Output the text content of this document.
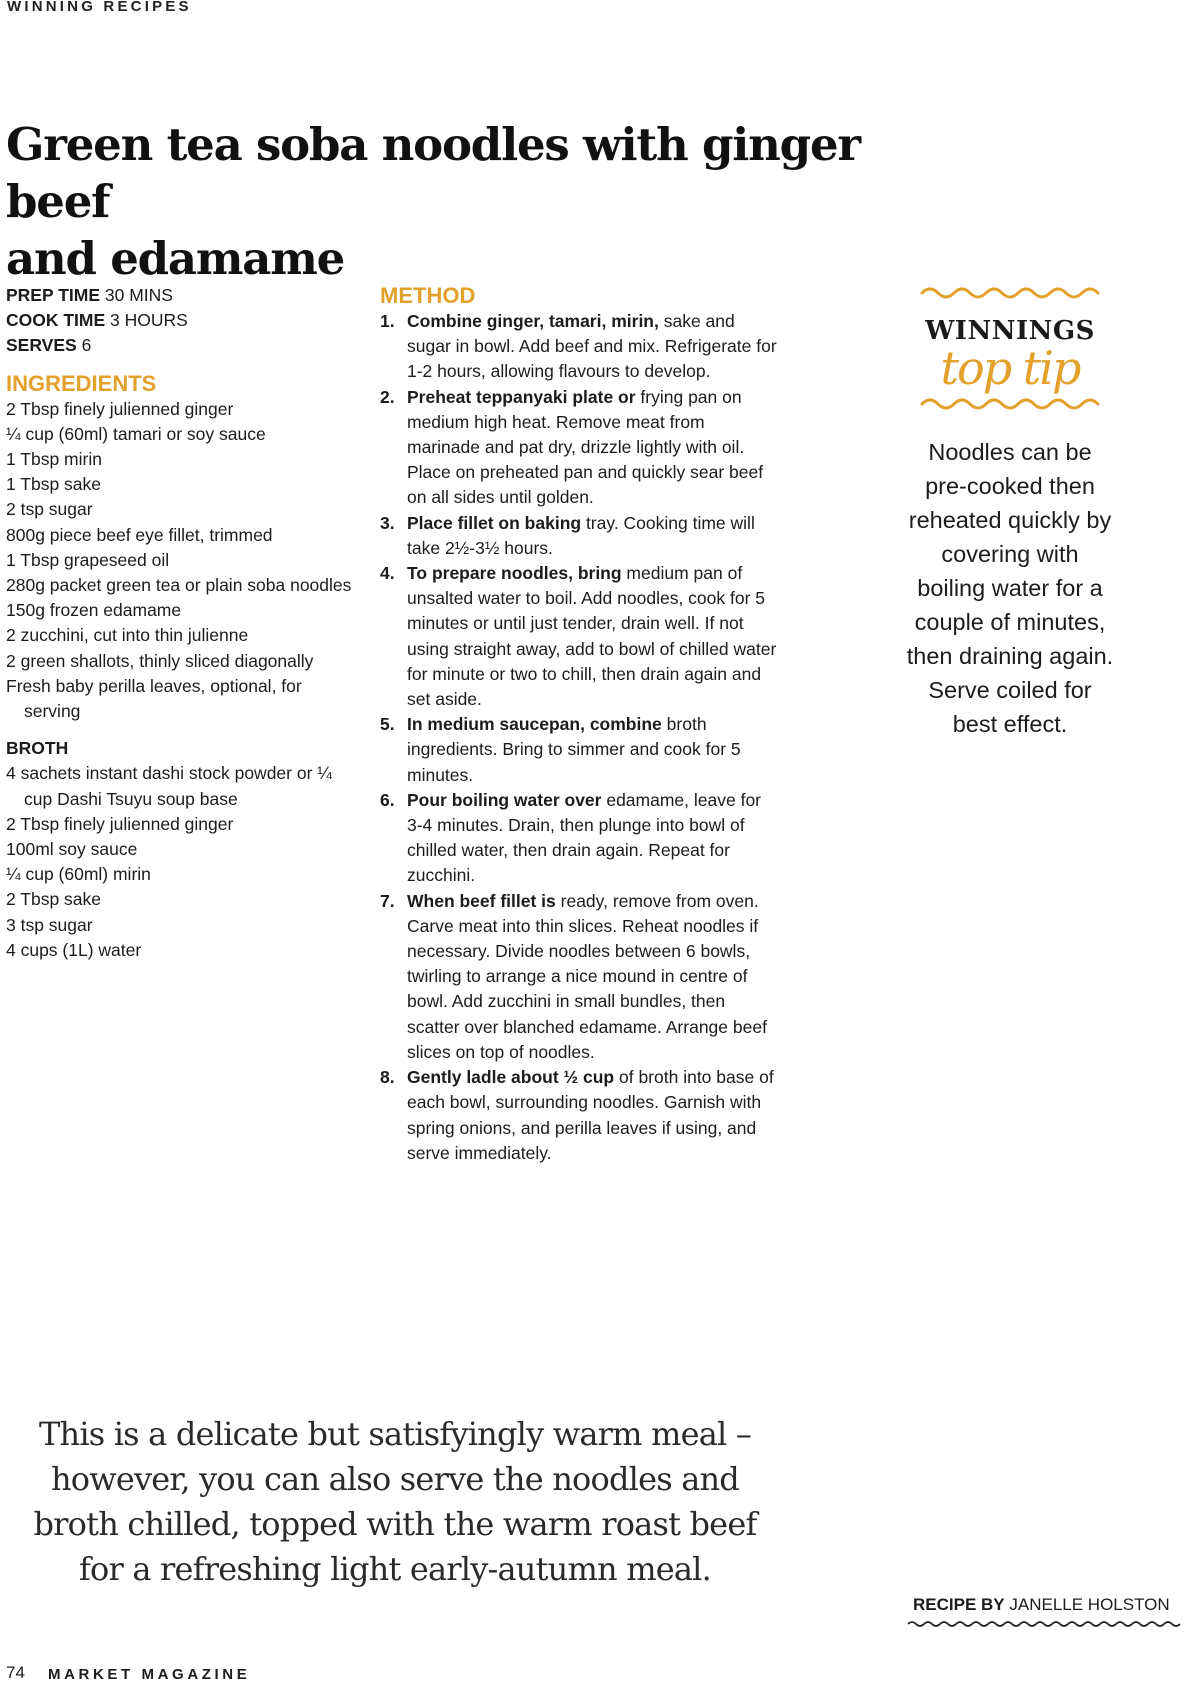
WINNING RECIPES
Green tea soba noodles with ginger beef
and edamame
PREP TIME 30 MINS
COOK TIME 3 HOURS
SERVES 6
INGREDIENTS
2 Tbsp finely julienned ginger
¼ cup (60ml) tamari or soy sauce
1 Tbsp mirin
1 Tbsp sake
2 tsp sugar
800g piece beef eye fillet, trimmed
1 Tbsp grapeseed oil
280g packet green tea or plain soba noodles
150g frozen edamame
2 zucchini, cut into thin julienne
2 green shallots, thinly sliced diagonally
Fresh baby perilla leaves, optional, for serving
BROTH
4 sachets instant dashi stock powder or ¼ cup Dashi Tsuyu soup base
2 Tbsp finely julienned ginger
100ml soy sauce
¼ cup (60ml) mirin
2 Tbsp sake
3 tsp sugar
4 cups (1L) water
METHOD
1. Combine ginger, tamari, mirin, sake and sugar in bowl. Add beef and mix. Refrigerate for 1-2 hours, allowing flavours to develop.
2. Preheat teppanyaki plate or frying pan on medium high heat. Remove meat from marinade and pat dry, drizzle lightly with oil. Place on preheated pan and quickly sear beef on all sides until golden.
3. Place fillet on baking tray. Cooking time will take 2½-3½ hours.
4. To prepare noodles, bring medium pan of unsalted water to boil. Add noodles, cook for 5 minutes or until just tender, drain well. If not using straight away, add to bowl of chilled water for minute or two to chill, then drain again and set aside.
5. In medium saucepan, combine broth ingredients. Bring to simmer and cook for 5 minutes.
6. Pour boiling water over edamame, leave for 3-4 minutes. Drain, then plunge into bowl of chilled water, then drain again. Repeat for zucchini.
7. When beef fillet is ready, remove from oven. Carve meat into thin slices. Reheat noodles if necessary. Divide noodles between 6 bowls, twirling to arrange a nice mound in centre of bowl. Add zucchini in small bundles, then scatter over blanched edamame. Arrange beef slices on top of noodles.
8. Gently ladle about ½ cup of broth into base of each bowl, surrounding noodles. Garnish with spring onions, and perilla leaves if using, and serve immediately.
WINNINGS
top tip
Noodles can be pre-cooked then reheated quickly by covering with boiling water for a couple of minutes, then draining again. Serve coiled for best effect.
This is a delicate but satisfyingly warm meal – however, you can also serve the noodles and broth chilled, topped with the warm roast beef for a refreshing light early-autumn meal.
RECIPE BY JANELLE HOLSTON
74 MARKET MAGAZINE
